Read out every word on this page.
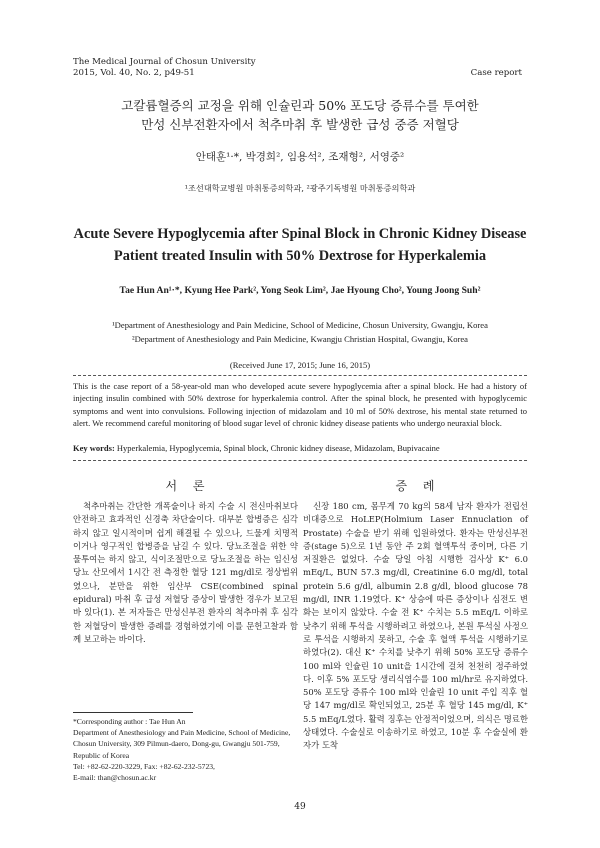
The Medical Journal of Chosun University
2015, Vol. 40, No. 2, p49-51	Case report
고칼륨혈증의 교정을 위해 인슐린과 50% 포도당 증류수를 투여한
만성 신부전환자에서 척추마취 후 발생한 급성 중증 저혈당
안태훈¹·*, 박경희², 임용석², 조재형², 서영중²
¹조선대학교병원 마취통증의학과, ²광주기독병원 마취통증의학과
Acute Severe Hypoglycemia after Spinal Block in Chronic Kidney Disease
Patient treated Insulin with 50% Dextrose for Hyperkalemia
Tae Hun An¹·*, Kyung Hee Park², Yong Seok Lim², Jae Hyoung Cho², Young Joong Suh²
¹Department of Anesthesiology and Pain Medicine, School of Medicine, Chosun University, Gwangju, Korea
²Department of Anesthesiology and Pain Medicine, Kwangju Christian Hospital, Gwangju, Korea
(Received June 17, 2015; June 16, 2015)
This is the case report of a 58-year-old man who developed acute severe hypoglycemia after a spinal block. He had a history of injecting insulin combined with 50% dextrose for hyperkalemia control. After the spinal block, he presented with hypoglycemic symptoms and went into convulsions. Following injection of midazolam and 10 ml of 50% dextrose, his mental state returned to alert. We recommend careful monitoring of blood sugar level of chronic kidney disease patients who undergo neuraxial block.
Key words: Hyperkalemia, Hypoglycemia, Spinal block, Chronic kidney disease, Midazolam, Bupivacaine
서 론	증 례

척추마취는 간단한 개폭술이나 하지 수술 시 전신마취보다 안전하고 효과적인 신경축 차단술이다. 대부분 합병증은 심각하지 않고 일시적이며 쉽게 해결될 수 있으나, 드물게 치명적이거나 영구적인 합병증을 남길 수 있다. 당뇨조절을 위한 약물투여는 하지 않고, 식이조절만으로 당뇨조절을 하는 임신성 당뇨 산모에서 1시간 전 측정한 혈당 121 mg/dl로 정상범위였으나, 분만을 위한 임산부 CSE(combined spinal epidural) 마취 후 급성 저혈당 증상이 발생한 경우가 보고된 바 있다(1). 본 저자들은 만성신부전 환자의 척추마취 후 심각한 저혈당이 발생한 증례를 경험하였기에 이를 문헌고찰과 함께 보고하는 바이다.

신장 180 cm, 몸무게 70 kg의 58세 남자 환자가 전립선비대증으로 HoLEP(Holmium Laser Ennuclation of Prostate) 수술을 받기 위해 입원하였다. 환자는 만성신부전증(stage 5)으로 1년 동안 주 2회 혈액투석 중이며, 다른 기저질환은 없었다. 수술 당일 아침 시행한 검사상 K⁺ 6.0 mEq/L, BUN 57.3 mg/dl, Creatinine 6.0 mg/dl, total protein 5.6 g/dl, albumin 2.8 g/dl, blood glucose 78 mg/dl, INR 1.19였다. K⁺ 상승에 따른 증상이나 심전도 변화는 보이지 않았다. 수술 전 K⁺ 수치는 5.5 mEq/L 이하로 낮추기 위해 투석을 시행하려고 하였으나, 본원 투석실 사정으로 투석을 시행하지 못하고, 수술 후 혈액 투석을 시행하기로 하였다(2). 대신 K⁺ 수치를 낮추기 위해 50% 포도당 증류수 100 ml와 인슐린 10 unit을 1시간에 걸쳐 천천히 정주하였다. 이후 5% 포도당 생리식염수를 100 ml/hr로 유지하였다. 50% 포도당 증류수 100 ml와 인슐린 10 unit 주입 직후 혈당 147 mg/dl로 확인되었고, 25분 후 혈당 145 mg/dl, K⁺ 5.5 mEq/L였다. 활력 징후는 안정적이었으며, 의식은 명료한 상태였다. 수술실로 이송하기로 하였고, 10분 후 수술실에 환자가 도착

*Corresponding author : Tae Hun An
Department of Anesthesiology and Pain Medicine, School of Medicine, Chosun University, 309 Pilmun-daero, Dong-gu, Gwangju 501-759, Republic of Korea
Tel: +82-62-220-3229, Fax: +82-62-232-5723,
E-mail: than@chosun.ac.kr
49
